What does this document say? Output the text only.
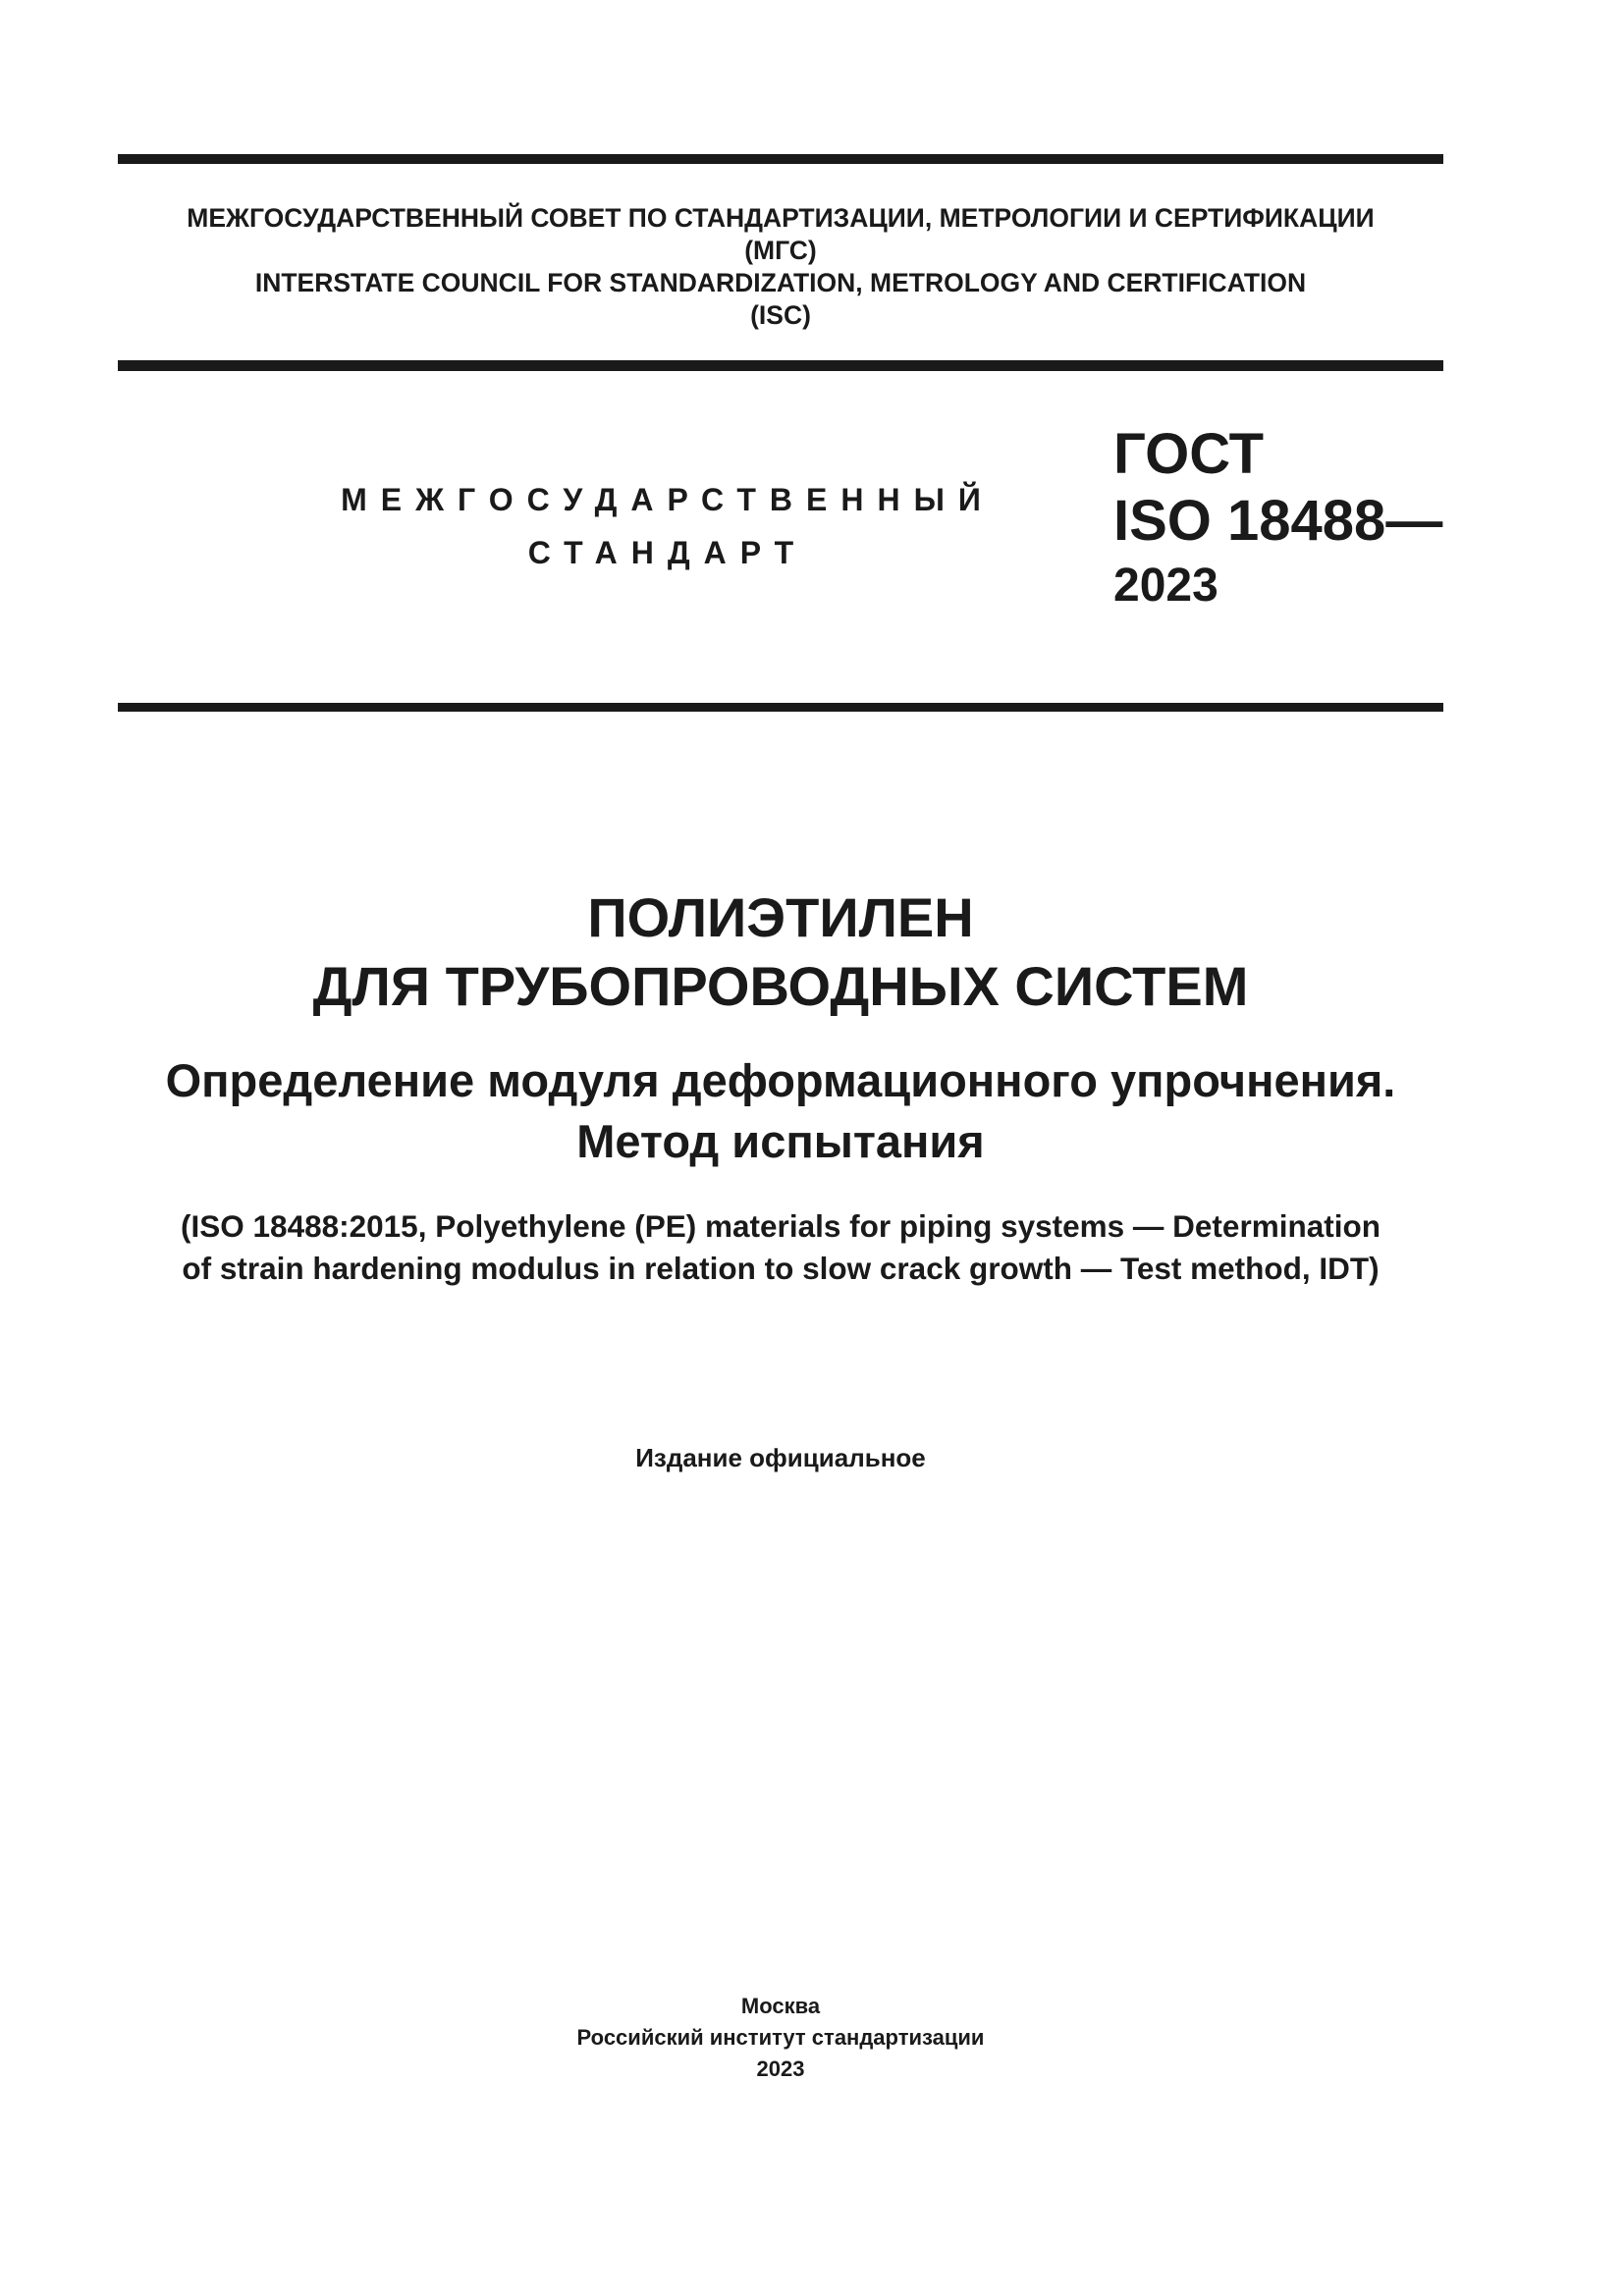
МЕЖГОСУДАРСТВЕННЫЙ СОВЕТ ПО СТАНДАРТИЗАЦИИ, МЕТРОЛОГИИ И СЕРТИФИКАЦИИ
(МГС)
INTERSTATE COUNCIL FOR STANDARDIZATION, METROLOGY AND CERTIFICATION
(ISC)
МЕЖГОСУДАРСТВЕННЫЙ
СТАНДАРТ
ГОСТ
ISO 18488—
2023
ПОЛИЭТИЛЕН
ДЛЯ ТРУБОПРОВОДНЫХ СИСТЕМ
Определение модуля деформационного упрочнения.
Метод испытания
(ISO 18488:2015, Polyethylene (PE) materials for piping systems — Determination
of strain hardening modulus in relation to slow crack growth — Test method, IDT)
Издание официальное
Москва
Российский институт стандартизации
2023
